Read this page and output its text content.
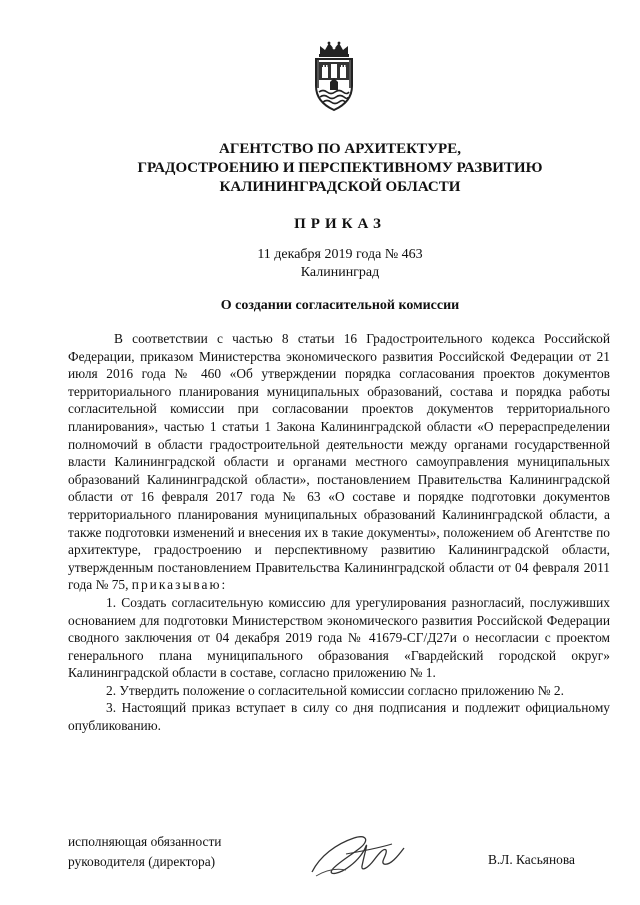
АГЕНТСТВО ПО АРХИТЕКТУРЕ,
ГРАДОСТРОЕНИЮ И ПЕРСПЕКТИВНОМУ РАЗВИТИЮ
КАЛИНИНГРАДСКОЙ ОБЛАСТИ
ПРИКАЗ
11 декабря 2019 года № 463
Калининград
О создании согласительной комиссии

В соответствии с частью 8 статьи 16 Градостроительного кодекса Российской Федерации, приказом Министерства экономического развития Российской Федерации от 21 июля 2016 года № 460 «Об утверждении порядка согласования проектов документов территориального планирования муниципальных образований, состава и порядка работы согласительной комиссии при согласовании проектов документов территориального планирования», частью 1 статьи 1 Закона Калининградской области «О перераспределении полномочий в области градостроительной деятельности между органами государственной власти Калининградской области и органами местного самоуправления муниципальных образований Калининградской области», постановлением Правительства Калининградской области от 16 февраля 2017 года № 63 «О составе и порядке подготовки документов территориального планирования муниципальных образований Калининградской области, а также подготовки изменений и внесения их в такие документы», положением об Агентстве по архитектуре, градостроению и перспективному развитию Калининградской области, утвержденным постановлением Правительства Калининградской области от 04 февраля 2011 года № 75, приказываю:

1. Создать согласительную комиссию для урегулирования разногласий, послуживших основанием для подготовки Министерством экономического развития Российской Федерации сводного заключения от 04 декабря 2019 года № 41679-СГ/Д27и о несогласии с проектом генерального плана муниципального образования «Гвардейский городской округ» Калининградской области в составе, согласно приложению № 1.

2. Утвердить положение о согласительной комиссии согласно приложению № 2.

3. Настоящий приказ вступает в силу со дня подписания и подлежит официальному опубликованию.

исполняющая обязанности
руководителя (директора)	В.Л. Касьянова
